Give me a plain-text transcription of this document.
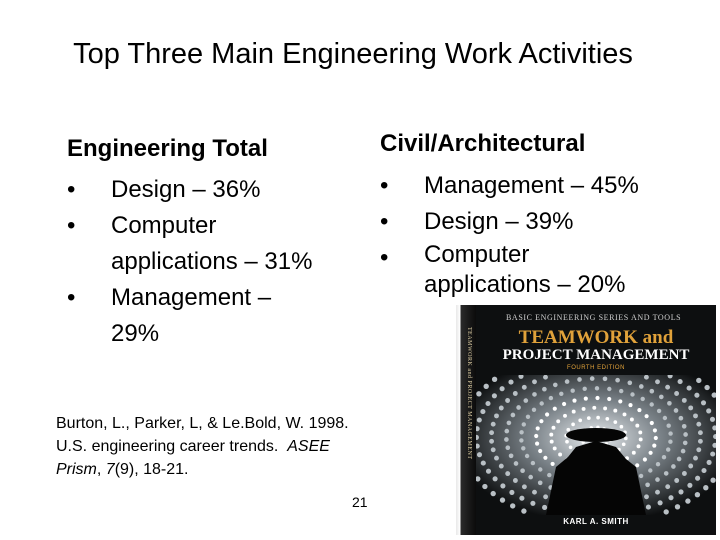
Top Three Main Engineering Work Activities
Engineering Total
• Design – 36%
• Computer
applications – 31%
• Management –
29%
Civil/Architectural
• Management – 45%
• Design – 39%
• Computer
applications – 20%
Burton, L., Parker, L, & Le.Bold, W. 1998.
U.S. engineering career trends.  ASEE
Prism, 7(9), 18-21.
21
TEAMWORK and PROJECT MANAGEMENT
BASIC ENGINEERING SERIES AND TOOLS
TEAMWORK and
PROJECT MANAGEMENT
FOURTH EDITION
KARL A. SMITH
